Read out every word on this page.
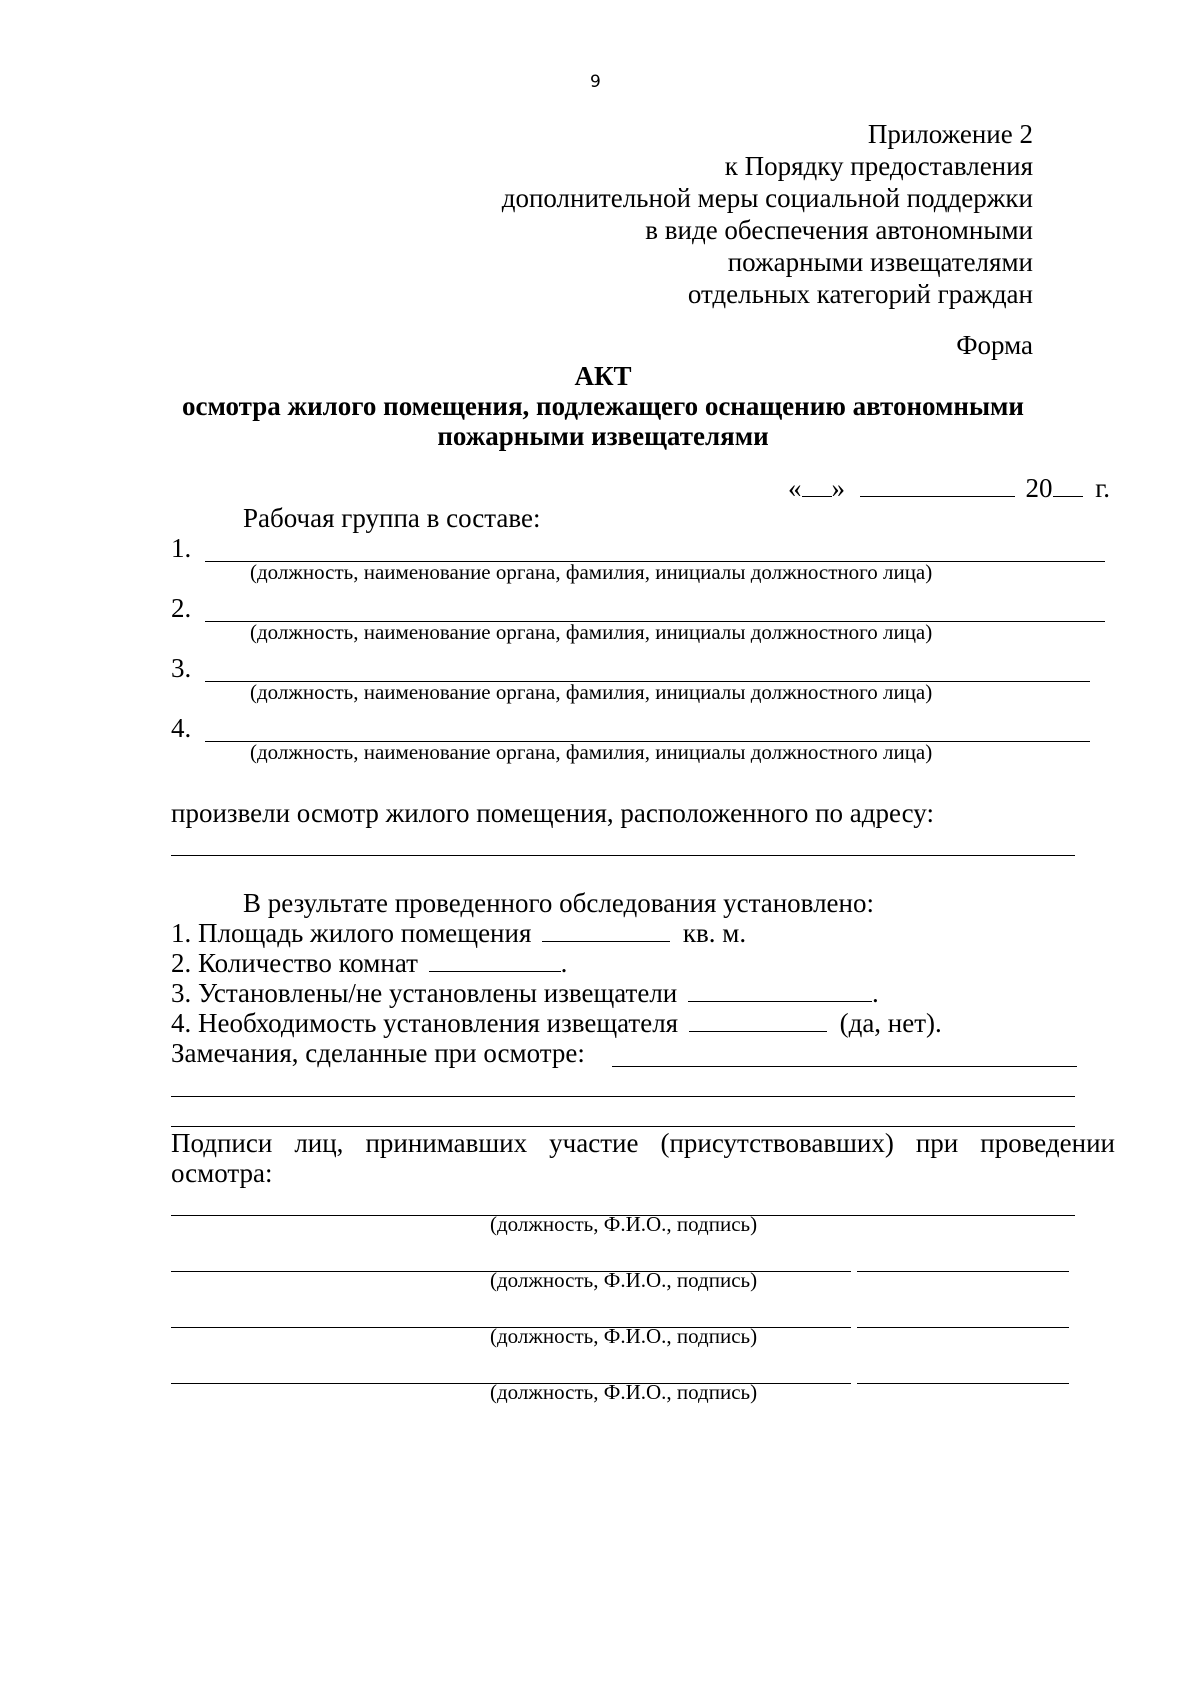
9
Приложение 2
к Порядку предоставления
дополнительной меры социальной поддержки
в виде обеспечения автономными
пожарными извещателями
отдельных категорий граждан
Форма
АКТ
осмотра жилого помещения, подлежащего оснащению автономными
пожарными извещателями
« »	20 г.
Рабочая группа в составе:
1.
(должность, наименование органа, фамилия, инициалы должностного лица)
2.
(должность, наименование органа, фамилия, инициалы должностного лица)
3.
(должность, наименование органа, фамилия, инициалы должностного лица)
4.
(должность, наименование органа, фамилия, инициалы должностного лица)
произвели осмотр жилого помещения, расположенного по адресу:
В результате проведенного обследования установлено:
1. Площадь жилого помещения	кв. м.
2. Количество комнат	.
3. Установлены/не установлены извещатели	.
4. Необходимость установления извещателя	(да, нет).
Замечания, сделанные при осмотре:
Подписи лиц, принимавших участие (присутствовавших) при проведении
осмотра:
(должность, Ф.И.О., подпись)
(должность, Ф.И.О., подпись)
(должность, Ф.И.О., подпись)
(должность, Ф.И.О., подпись)
